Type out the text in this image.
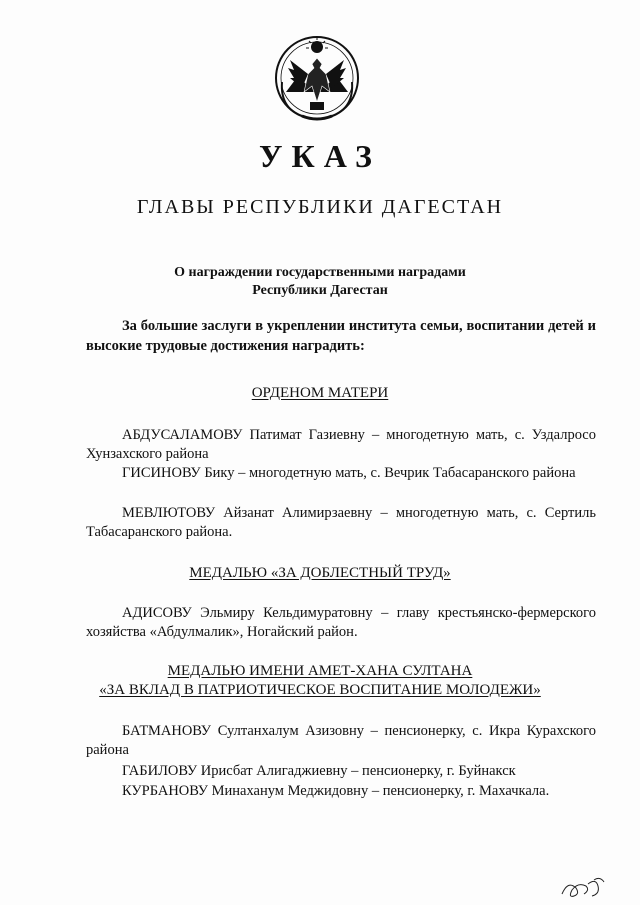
УКАЗ
ГЛАВЫ РЕСПУБЛИКИ ДАГЕСТАН
О награждении государственными наградами
Республики Дагестан
За большие заслуги в укреплении института семьи, воспитании детей и высокие трудовые достижения наградить:
ОРДЕНОМ МАТЕРИ

АБДУСАЛАМОВУ Патимат Газиевну – многодетную мать, с. Уздалросо Хунзахского района

ГИСИНОВУ Бику – многодетную мать, с. Вечрик Табасаранского района

МЕВЛЮТОВУ Айзанат Алимирзаевну – многодетную мать, с. Сертиль Табасаранского района.

МЕДАЛЬЮ «ЗА ДОБЛЕСТНЫЙ ТРУД»

АДИСОВУ Эльмиру Кельдимуратовну – главу крестьянско-фермерского хозяйства «Абдулмалик», Ногайский район.

МЕДАЛЬЮ ИМЕНИ АМЕТ-ХАНА СУЛТАНА
«ЗА ВКЛАД В ПАТРИОТИЧЕСКОЕ ВОСПИТАНИЕ МОЛОДЕЖИ»

БАТМАНОВУ Султанхалум Азизовну – пенсионерку, с. Икра Курахского района

ГАБИЛОВУ Ирисбат Алигаджиевну – пенсионерку, г. Буйнакск

КУРБАНОВУ Минаханум Меджидовну – пенсионерку, г. Махачкала.
